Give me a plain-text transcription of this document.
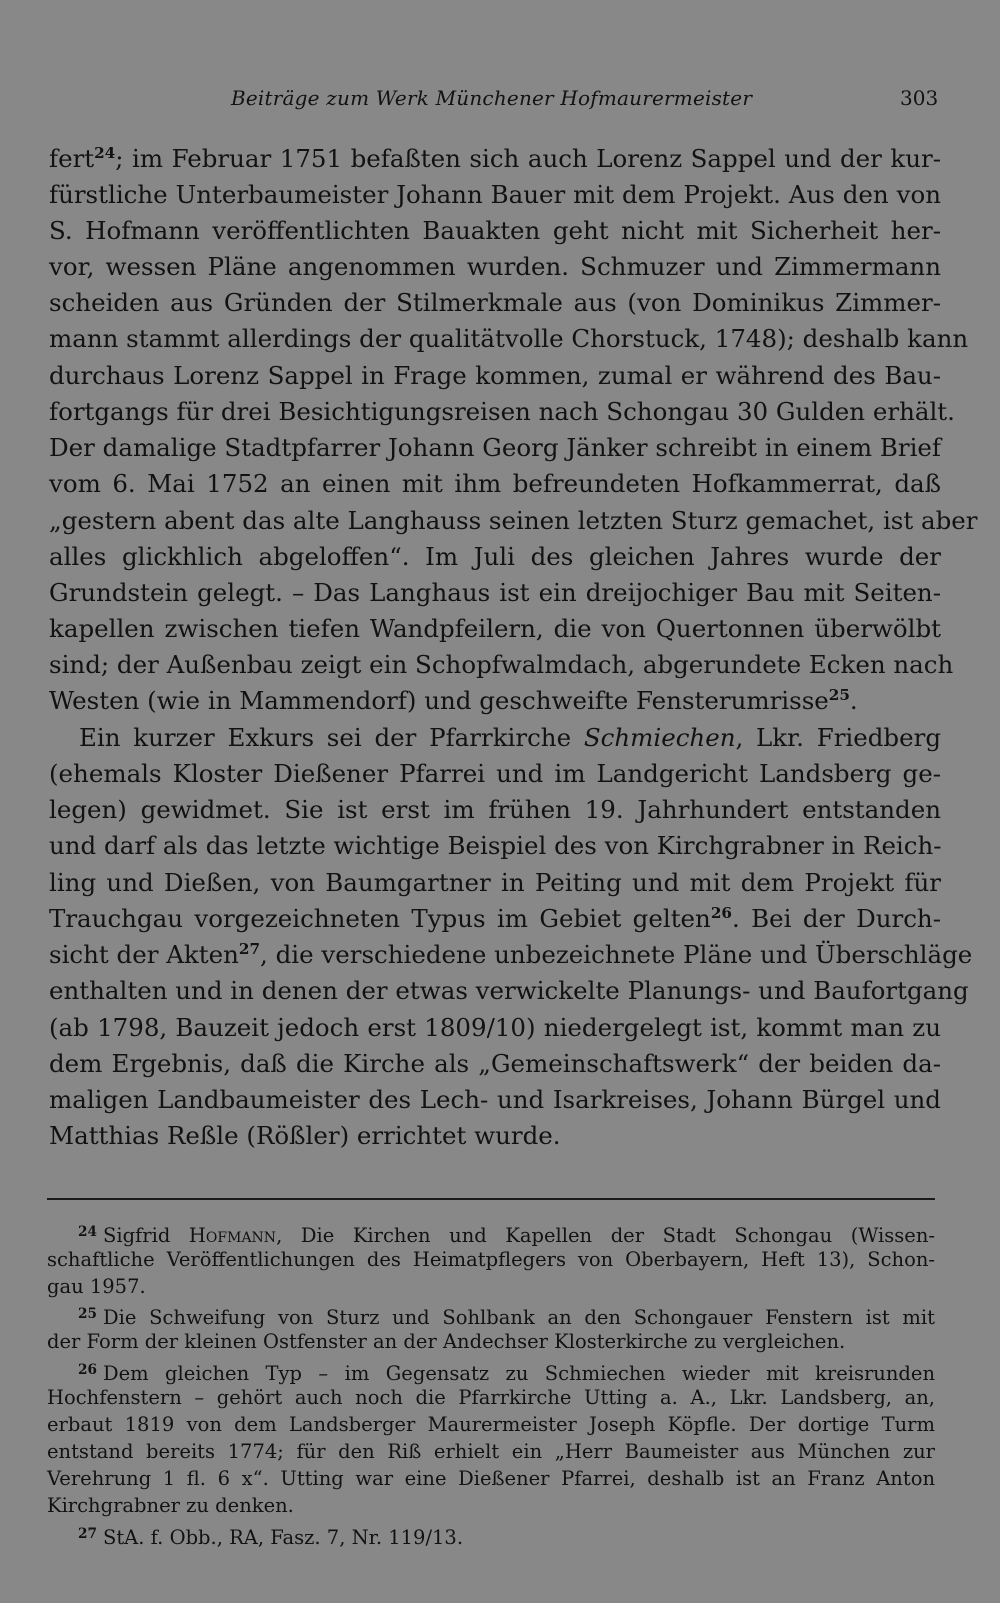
Beiträge zum Werk Münchener Hofmaurermeister	303
fert$^{24}$; im Februar 1751 befaßten sich auch Lorenz Sappel und der kur-
fürstliche Unterbaumeister Johann Bauer mit dem Projekt. Aus den von
S. Hofmann veröffentlichten Bauakten geht nicht mit Sicherheit her-
vor, wessen Pläne angenommen wurden. Schmuzer und Zimmermann
scheiden aus Gründen der Stilmerkmale aus (von Dominikus Zimmer-
mann stammt allerdings der qualitätvolle Chorstuck, 1748); deshalb kann
durchaus Lorenz Sappel in Frage kommen, zumal er während des Bau-
fortgangs für drei Besichtigungsreisen nach Schongau 30 Gulden erhält.
Der damalige Stadtpfarrer Johann Georg Jänker schreibt in einem Brief
vom 6. Mai 1752 an einen mit ihm befreundeten Hofkammerrat, daß
„gestern abent das alte Langhauss seinen letzten Sturz gemachet, ist aber
alles glickhlich abgeloffen“. Im Juli des gleichen Jahres wurde der
Grundstein gelegt. – Das Langhaus ist ein dreijochiger Bau mit Seiten-
kapellen zwischen tiefen Wandpfeilern, die von Quertonnen überwölbt
sind; der Außenbau zeigt ein Schopfwalmdach, abgerundete Ecken nach
Westen (wie in Mammendorf) und geschweifte Fensterumrisse$^{25}$.
Ein kurzer Exkurs sei der Pfarrkirche Schmiechen, Lkr. Friedberg
(ehemals Kloster Dießener Pfarrei und im Landgericht Landsberg ge-
legen) gewidmet. Sie ist erst im frühen 19. Jahrhundert entstanden
und darf als das letzte wichtige Beispiel des von Kirchgrabner in Reich-
ling und Dießen, von Baumgartner in Peiting und mit dem Projekt für
Trauchgau vorgezeichneten Typus im Gebiet gelten$^{26}$. Bei der Durch-
sicht der Akten$^{27}$, die verschiedene unbezeichnete Pläne und Überschläge
enthalten und in denen der etwas verwickelte Planungs- und Baufortgang
(ab 1798, Bauzeit jedoch erst 1809/10) niedergelegt ist, kommt man zu
dem Ergebnis, daß die Kirche als „Gemeinschaftswerk“ der beiden da-
maligen Landbaumeister des Lech- und Isarkreises, Johann Bürgel und
Matthias Reßle (Rößler) errichtet wurde.
$^{24}$ Sigfrid Hofmann, Die Kirchen und Kapellen der Stadt Schongau (Wissen-
schaftliche Veröffentlichungen des Heimatpflegers von Oberbayern, Heft 13), Schon-
gau 1957.
$^{25}$ Die Schweifung von Sturz und Sohlbank an den Schongauer Fenstern ist mit
der Form der kleinen Ostfenster an der Andechser Klosterkirche zu vergleichen.
$^{26}$ Dem gleichen Typ – im Gegensatz zu Schmiechen wieder mit kreisrunden
Hochfenstern – gehört auch noch die Pfarrkirche Utting a. A., Lkr. Landsberg, an,
erbaut 1819 von dem Landsberger Maurermeister Joseph Köpfle. Der dortige Turm
entstand bereits 1774; für den Riß erhielt ein „Herr Baumeister aus München zur
Verehrung 1 fl. 6 x“. Utting war eine Dießener Pfarrei, deshalb ist an Franz Anton
Kirchgrabner zu denken.
$^{27}$ StA. f. Obb., RA, Fasz. 7, Nr. 119/13.
